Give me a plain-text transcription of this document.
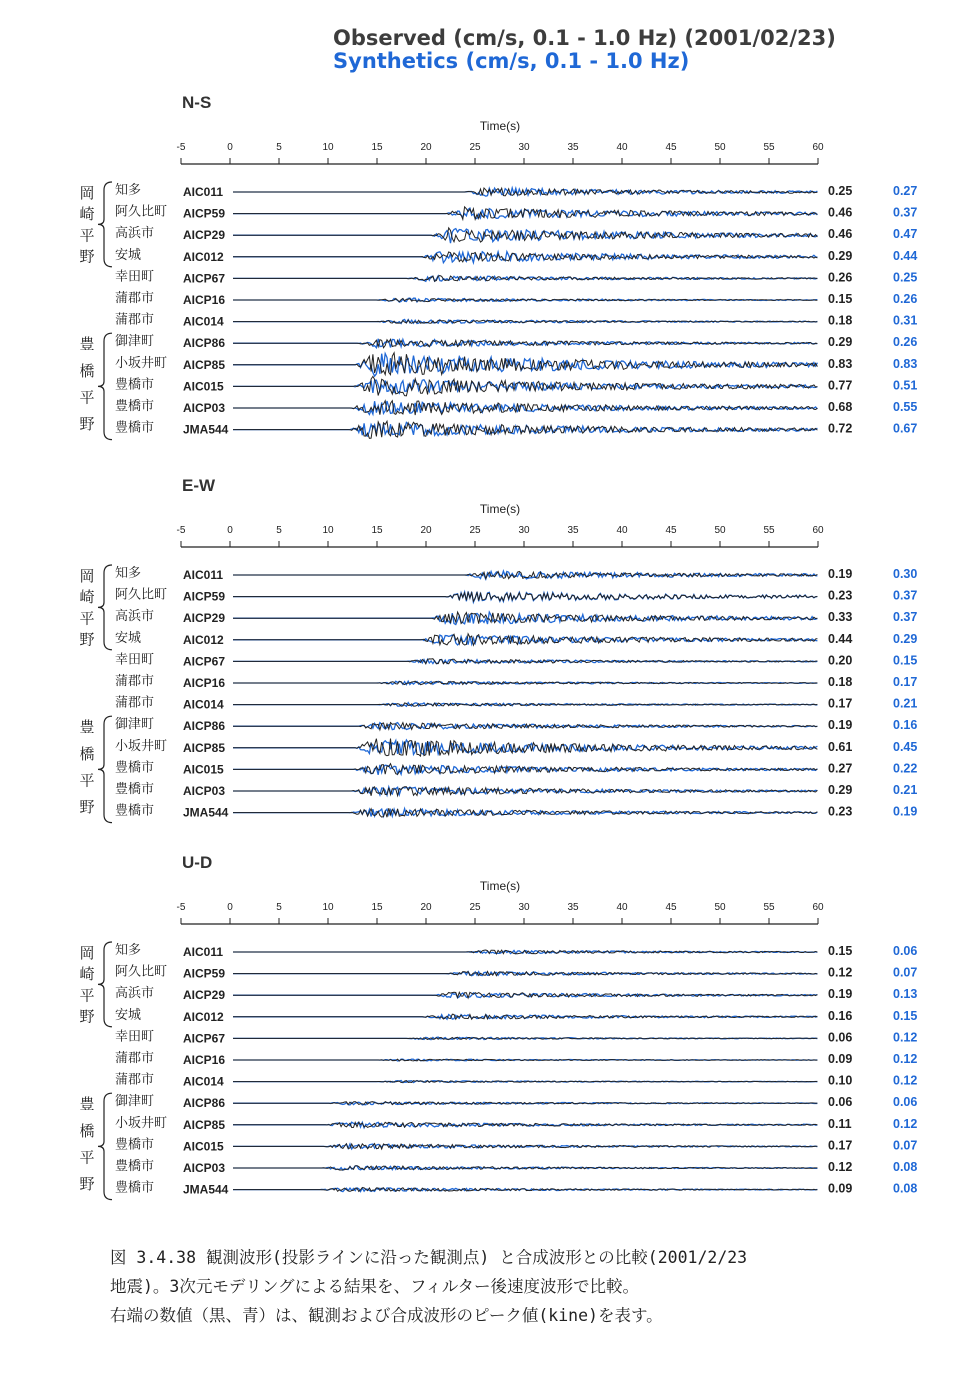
Observed (cm/s, 0.1 - 1.0 Hz) (2001/02/23)
Synthetics (cm/s, 0.1 - 1.0 Hz)
N-S
Time(s)
-5	0	5	10	15	20	25	30	35	40	45	50	55	60
岡
崎
平
野
豊
橋
平
野
知多	AIC011	0.25	0.27
阿久比町 AICP59	0.46	0.37
高浜市 AICP29	0.46	0.47
安城	AIC012	0.29	0.44
幸田町 AICP67	0.26	0.25
蒲郡市 AICP16	0.15	0.26
蒲郡市 AIC014	0.18	0.31
御津町 AICP86	0.29	0.26
小坂井町 AICP85	0.83	0.83
豊橋市 AIC015	0.77	0.51
豊橋市 AICP03	0.68	0.55
豊橋市 JMA544	0.72	0.67
E-W
Time(s)
-5	0	5	10	15	20	25	30	35	40	45	50	55	60
岡
崎
平
野
豊
橋
平
野
知多	AIC011	0.19	0.30
阿久比町 AICP59	0.23	0.37
高浜市 AICP29	0.33	0.37
安城	AIC012	0.44	0.29
幸田町 AICP67	0.20	0.15
蒲郡市 AICP16	0.18	0.17
蒲郡市 AIC014	0.17	0.21
御津町 AICP86	0.19	0.16
小坂井町 AICP85	0.61	0.45
豊橋市 AIC015	0.27	0.22
豊橋市 AICP03	0.29	0.21
豊橋市 JMA544	0.23	0.19
U-D
Time(s)
-5	0	5	10	15	20	25	30	35	40	45	50	55	60
岡
崎
平
野
豊
橋
平
野
知多	AIC011	0.15	0.06
阿久比町 AICP59	0.12	0.07
高浜市 AICP29	0.19	0.13
安城	AIC012	0.16	0.15
幸田町 AICP67	0.06	0.12
蒲郡市 AICP16	0.09	0.12
蒲郡市 AIC014	0.10	0.12
御津町 AICP86	0.06	0.06
小坂井町 AICP85	0.11	0.12
豊橋市 AIC015	0.17	0.07
豊橋市 AICP03	0.12	0.08
豊橋市 JMA544	0.09	0.08
図 3.4.38 観測波形(投影ラインに沿った観測点) と合成波形との比較(2001/2/23
地震)。3次元モデリングによる結果を、フィルター後速度波形で比較。
右端の数値（黒、青）は、観測および合成波形のピーク値(kine)を表す。
